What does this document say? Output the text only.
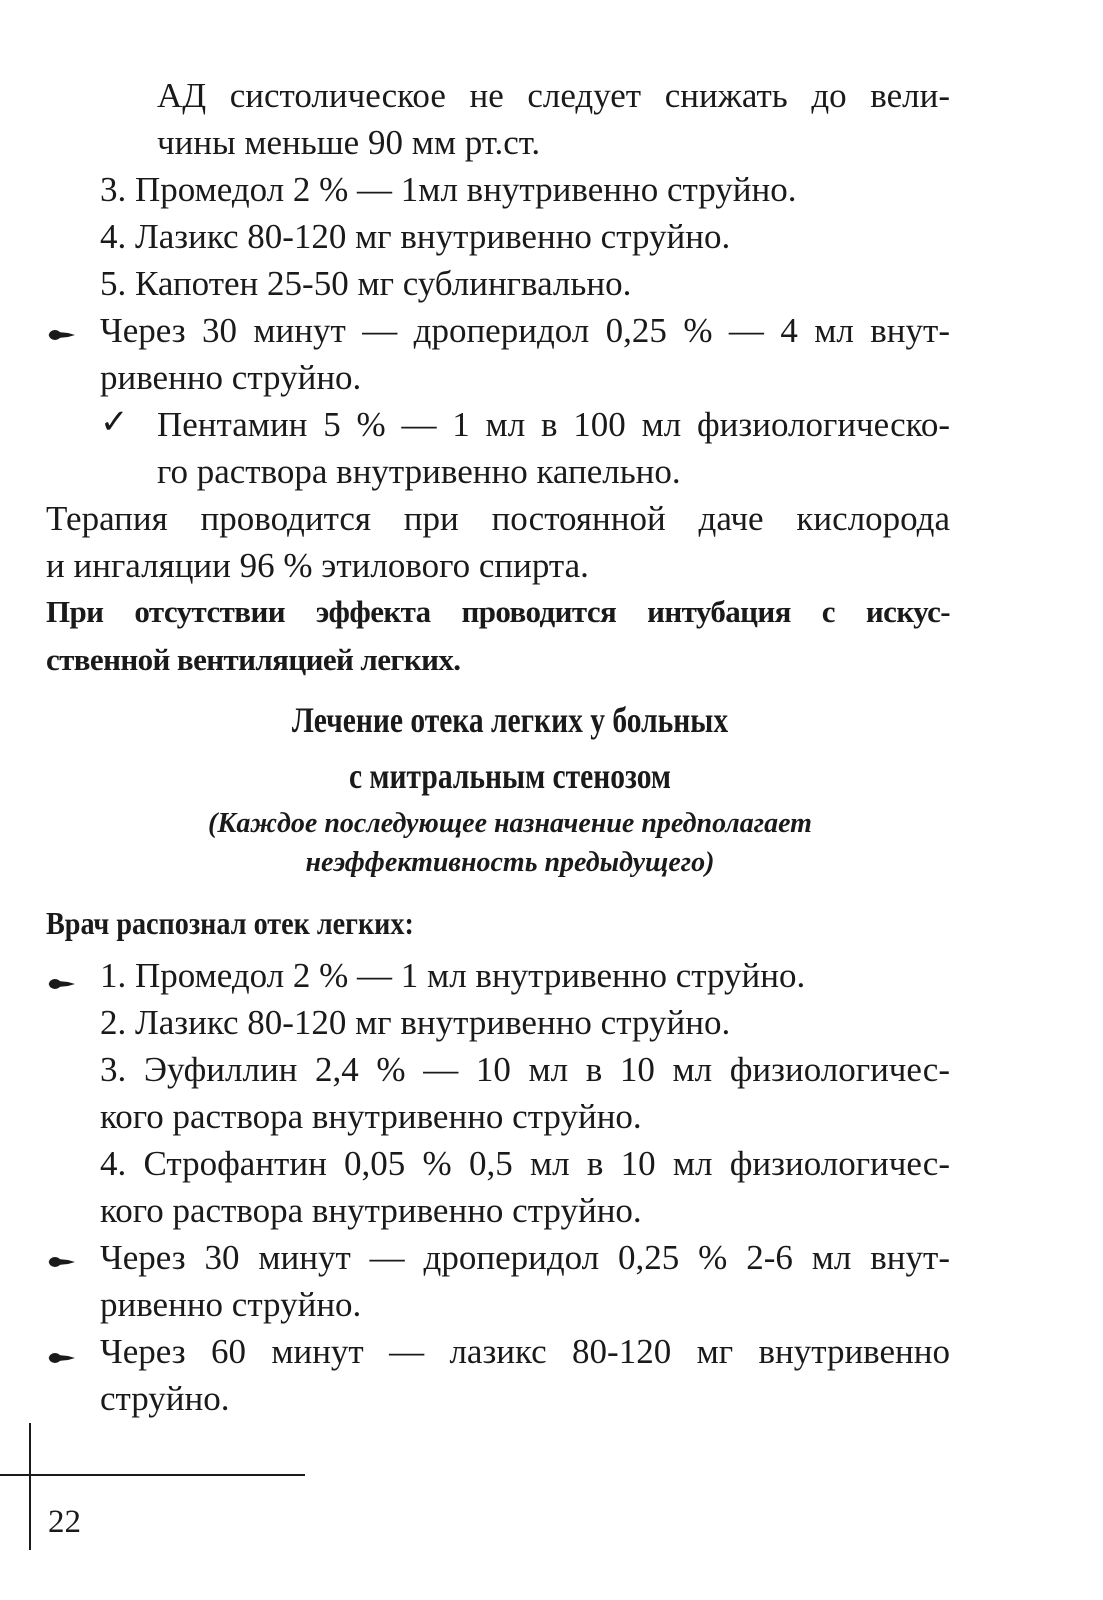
АД систолическое не следует снижать до вели-
чины меньше 90 мм рт.ст.
3. Промедол 2 % — 1мл внутривенно струйно.
4. Лазикс 80-120 мг внутривенно струйно.
5. Капотен 25-50 мг сублингвально.
Через 30 минут — дроперидол 0,25 % — 4 мл внут-
ривенно струйно.
✓ Пентамин 5 % — 1 мл в 100 мл физиологическо-
го раствора внутривенно капельно.
Терапия проводится при постоянной даче кислорода
и ингаляции 96 % этилового спирта.
При отсутствии эффекта проводится интубация с искус-
ственной вентиляцией легких.
Лечение отека легких у больных
с митральным стенозом
(Каждое последующее назначение предполагает
неэффективность предыдущего)
Врач распознал отек легких:
1. Промедол 2 % — 1 мл внутривенно струйно.
2. Лазикс 80-120 мг внутривенно струйно.
3. Эуфиллин 2,4 % — 10 мл в 10 мл физиологичес-
кого раствора внутривенно струйно.
4. Строфантин 0,05 % 0,5 мл в 10 мл физиологичес-
кого раствора внутривенно струйно.
Через 30 минут — дроперидол 0,25 % 2-6 мл внут-
ривенно струйно.
Через 60 минут — лазикс 80-120 мг внутривенно
струйно.
22
